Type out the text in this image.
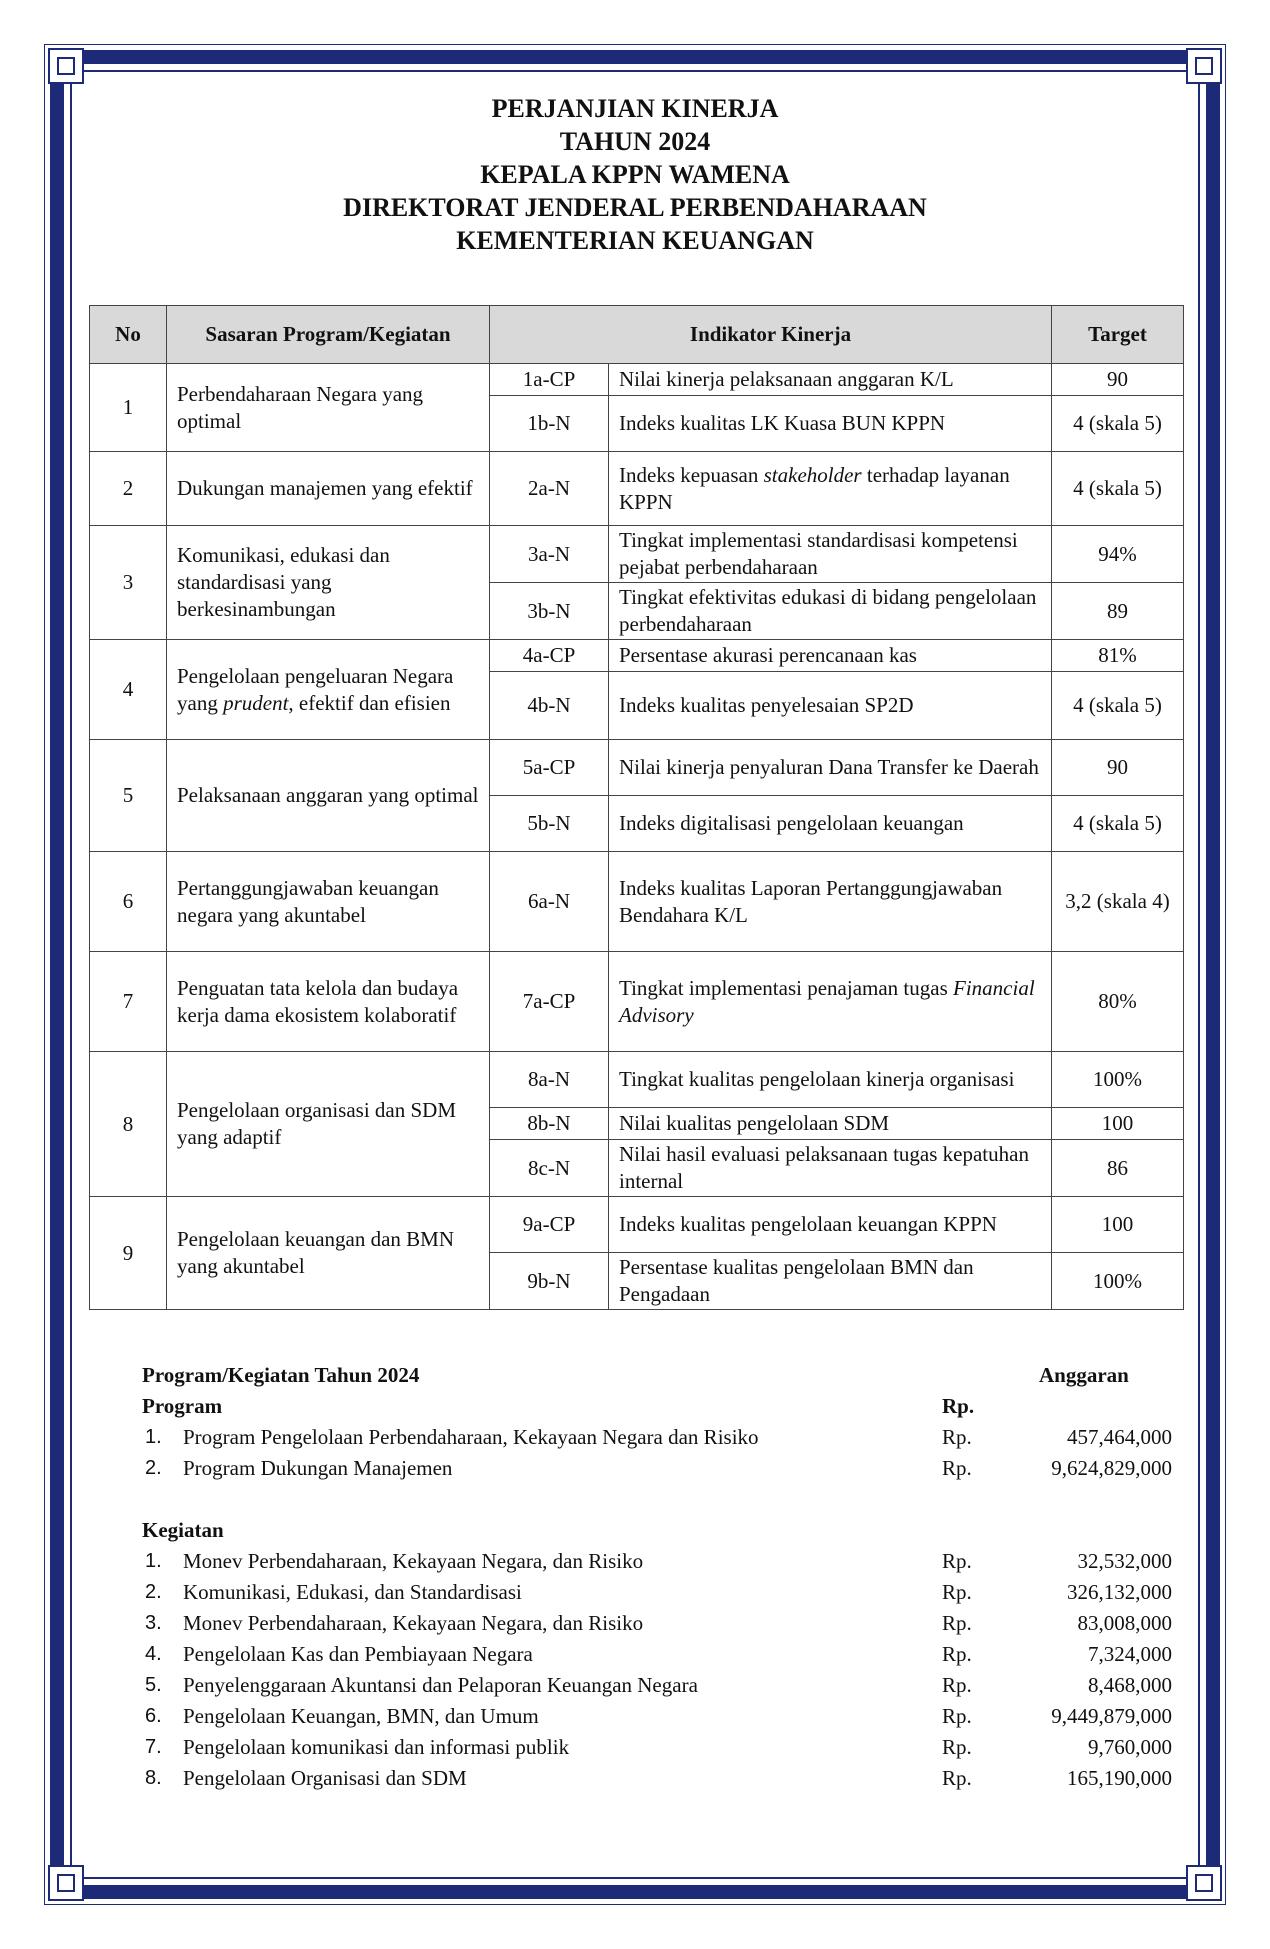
PERJANJIAN KINERJA
TAHUN 2024
KEPALA KPPN WAMENA
DIREKTORAT JENDERAL PERBENDAHARAAN
KEMENTERIAN KEUANGAN
No	Sasaran Program/Kegiatan	Indikator Kinerja		Target
1	Perbendaharaan Negara yang optimal	1a-CP	Nilai kinerja pelaksanaan anggaran K/L	90
		1b-N	Indeks kualitas LK Kuasa BUN KPPN	4 (skala 5)
2	Dukungan manajemen yang efektif	2a-N	Indeks kepuasan stakeholder terhadap layanan KPPN	4 (skala 5)
3	Komunikasi, edukasi dan standardisasi yang berkesinambungan	3a-N	Tingkat implementasi standardisasi kompetensi pejabat perbendaharaan	94%
		3b-N	Tingkat efektivitas edukasi di bidang pengelolaan perbendaharaan	89
4	Pengelolaan pengeluaran Negara yang prudent, efektif dan efisien	4a-CP	Persentase akurasi perencanaan kas	81%
		4b-N	Indeks kualitas penyelesaian SP2D	4 (skala 5)
5	Pelaksanaan anggaran yang optimal	5a-CP	Nilai kinerja penyaluran Dana Transfer ke Daerah	90
		5b-N	Indeks digitalisasi pengelolaan keuangan	4 (skala 5)
6	Pertanggungjawaban keuangan negara yang akuntabel	6a-N	Indeks kualitas Laporan Pertanggungjawaban Bendahara K/L	3,2 (skala 4)
7	Penguatan tata kelola dan budaya kerja dama ekosistem kolaboratif	7a-CP	Tingkat implementasi penajaman tugas Financial Advisory	80%
8	Pengelolaan organisasi dan SDM yang adaptif	8a-N	Tingkat kualitas pengelolaan kinerja organisasi	100%
		8b-N	Nilai kualitas pengelolaan SDM	100
		8c-N	Nilai hasil evaluasi pelaksanaan tugas kepatuhan internal	86
9	Pengelolaan keuangan dan BMN yang akuntabel	9a-CP	Indeks kualitas pengelolaan keuangan KPPN	100
		9b-N	Persentase kualitas pengelolaan BMN dan Pengadaan	100%
Program/Kegiatan Tahun 2024	Anggaran
Program	Rp.
1. Program Pengelolaan Perbendaharaan, Kekayaan Negara dan Risiko	Rp.	457,464,000
2. Program Dukungan Manajemen	Rp.	9,624,829,000
Kegiatan
1. Monev Perbendaharaan, Kekayaan Negara, dan Risiko	Rp.	32,532,000
2. Komunikasi, Edukasi, dan Standardisasi	Rp.	326,132,000
3. Monev Perbendaharaan, Kekayaan Negara, dan Risiko	Rp.	83,008,000
4. Pengelolaan Kas dan Pembiayaan Negara	Rp.	7,324,000
5. Penyelenggaraan Akuntansi dan Pelaporan Keuangan Negara	Rp.	8,468,000
6. Pengelolaan Keuangan, BMN, dan Umum	Rp.	9,449,879,000
7. Pengelolaan komunikasi dan informasi publik	Rp.	9,760,000
8. Pengelolaan Organisasi dan SDM	Rp.	165,190,000
